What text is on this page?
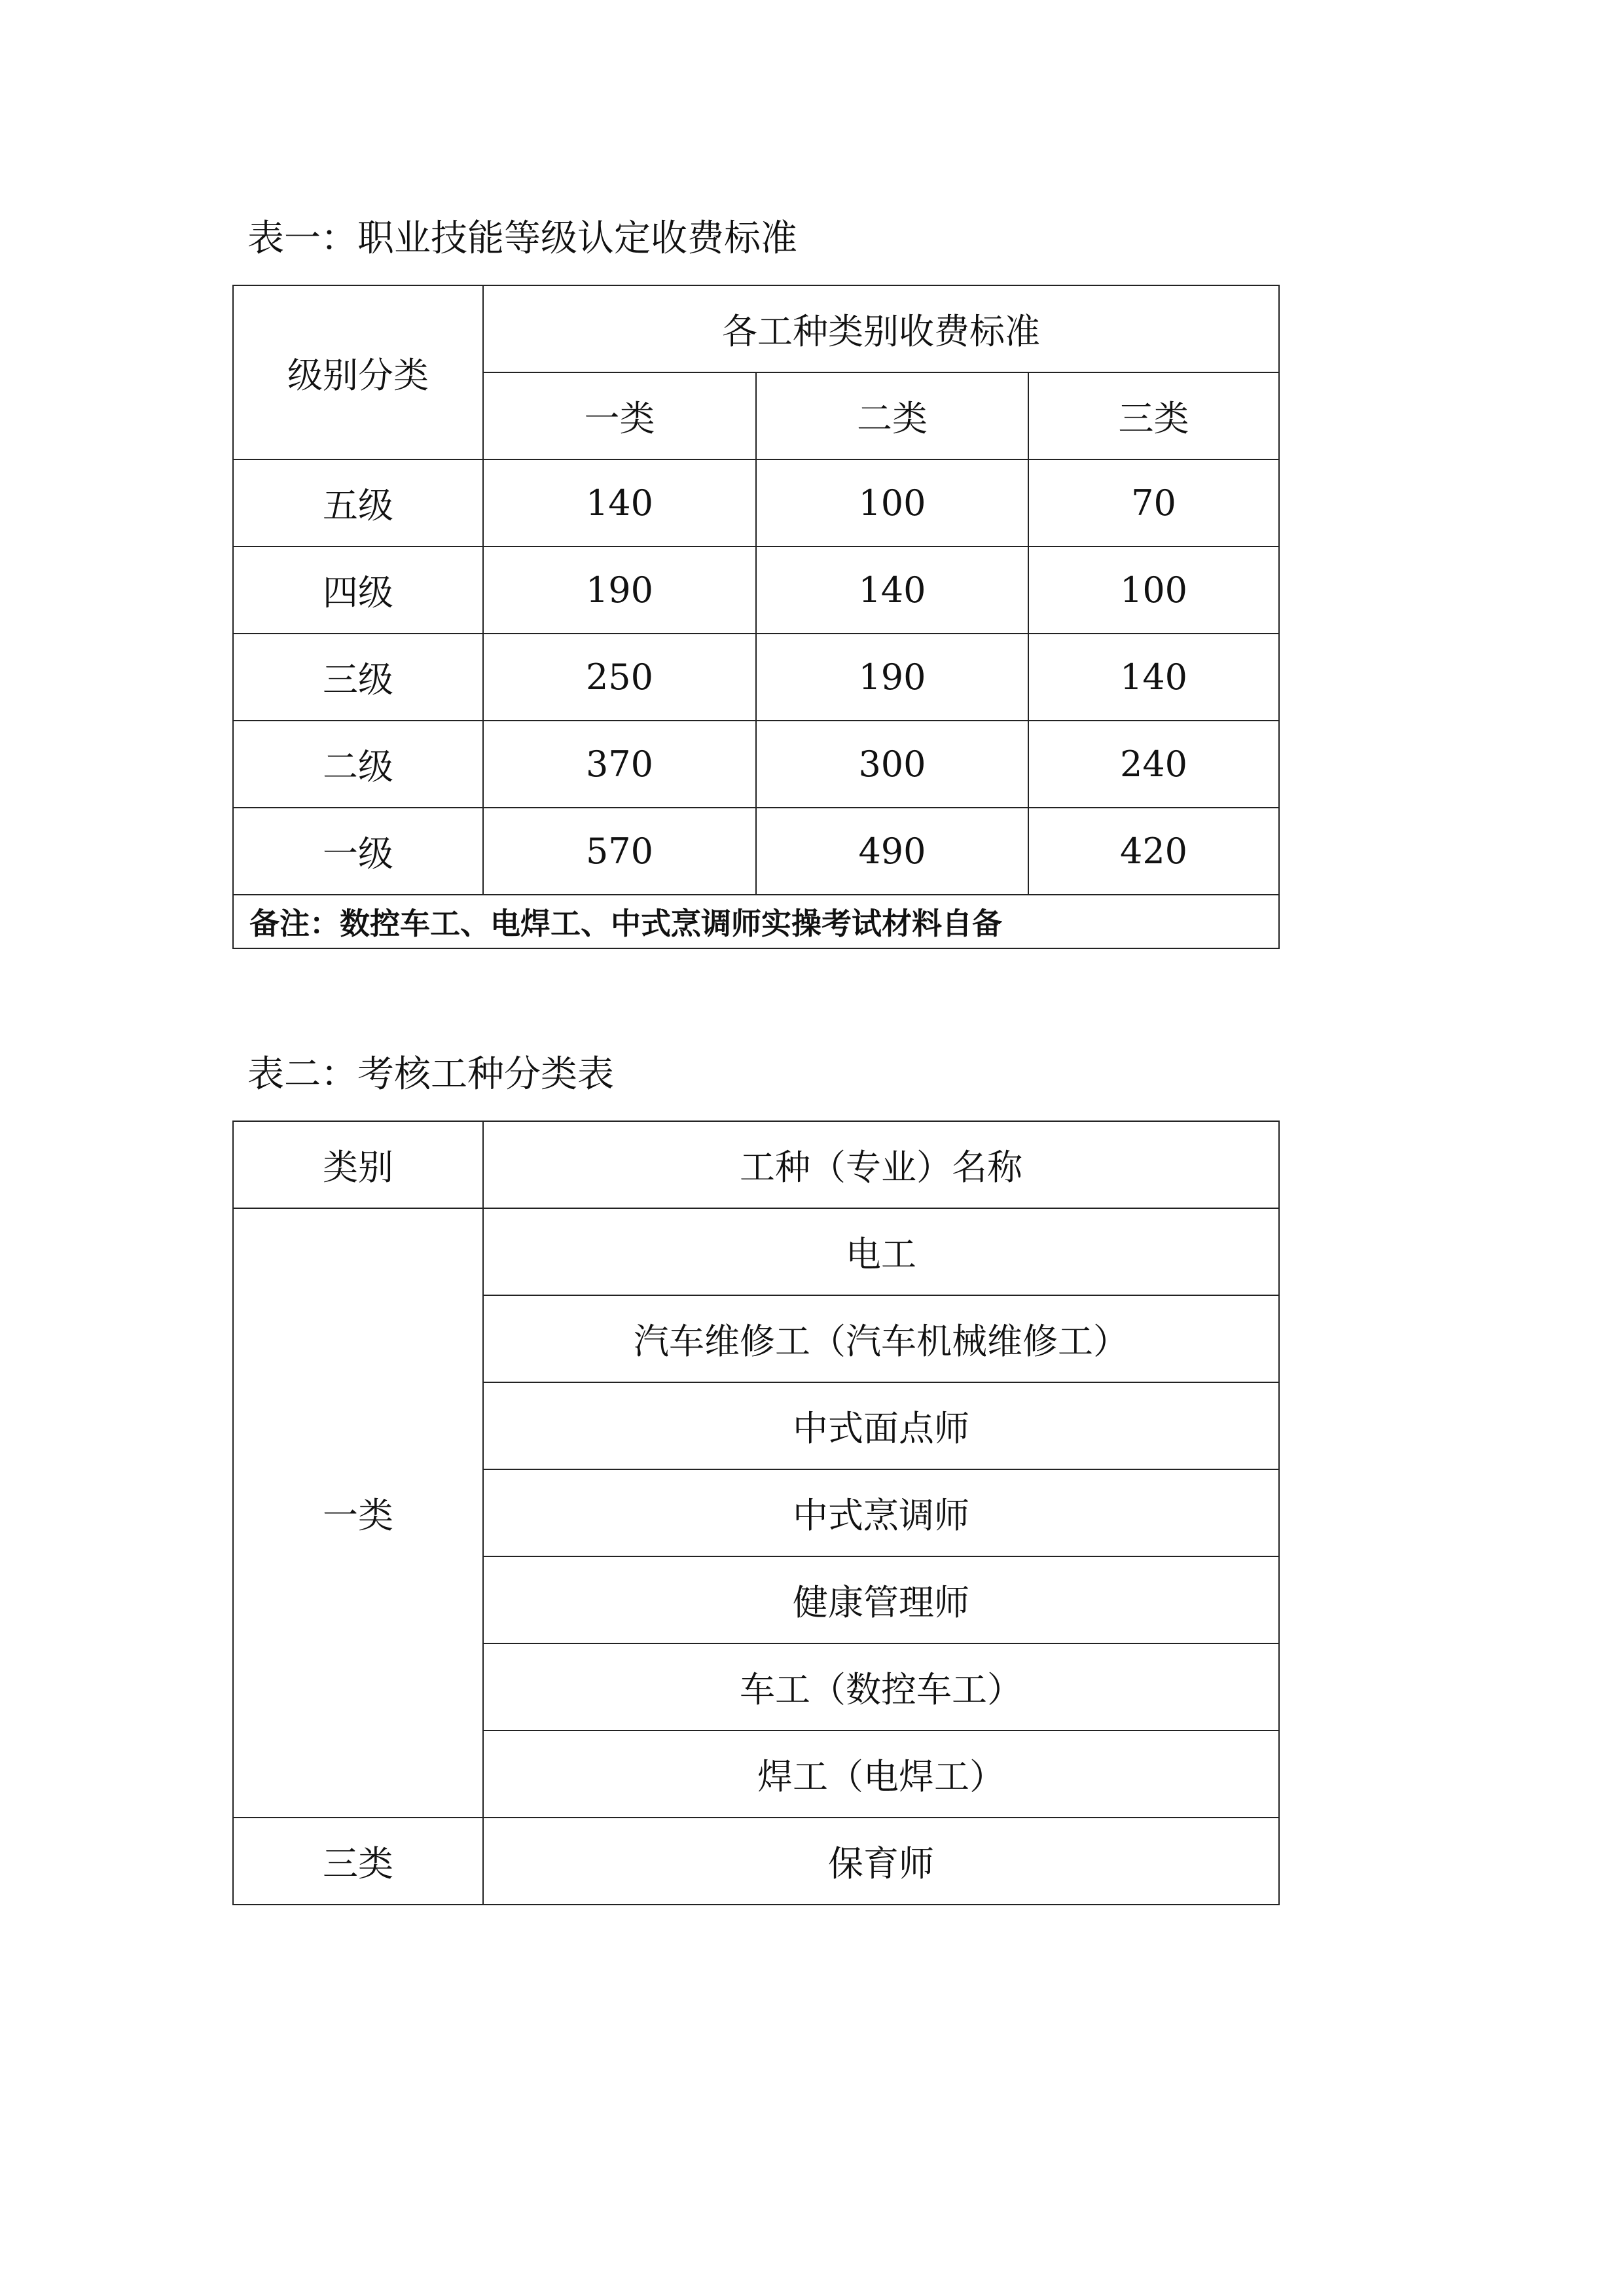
表一：职业技能等级认定收费标准

级别分类	各工种类别收费标准		
	一类	二类	三类
五级	140	100	70
四级	190	140	100
三级	250	190	140
二级	370	300	240
一级	570	490	420
备注：数控车工、电焊工、中式烹调师实操考试材料自备			

表二：考核工种分类表

类别	工种（专业）名称
一类	电工
	汽车维修工（汽车机械维修工）
	中式面点师
	中式烹调师
	健康管理师
	车工（数控车工）
	焊工（电焊工）
三类	保育师
